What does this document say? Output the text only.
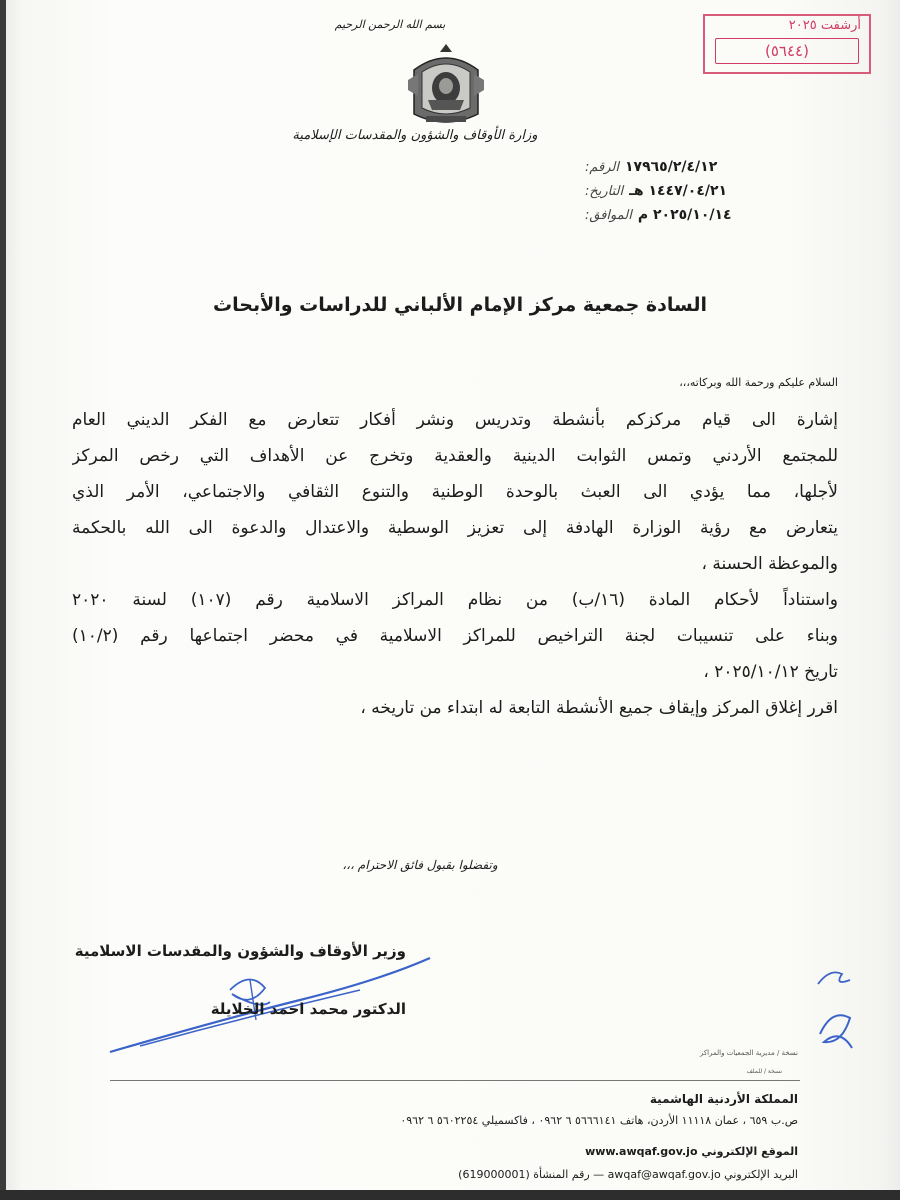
بسم الله الرحمن الرحيم
وزارة الأوقاف والشؤون والمقدسات الإسلامية
أرشفت ٢٠٢٥
(٥٦٤٤)
الرقم: ١٧٩٦٥/٢/٤/١٢
التاريخ: ١٤٤٧/٠٤/٢١ هـ
الموافق: ٢٠٢٥/١٠/١٤ م
السادة جمعية مركز الإمام الألباني للدراسات والأبحاث
السلام عليكم ورحمة الله وبركاته،،،
إشارة الى قيام مركزكم بأنشطة وتدريس ونشر أفكار تتعارض مع الفكر الديني العام
للمجتمع الأردني وتمس الثوابت الدينية والعقدية وتخرج عن الأهداف التي رخص المركز
لأجلها، مما يؤدي الى العبث بالوحدة الوطنية والتنوع الثقافي والاجتماعي، الأمر الذي
يتعارض مع رؤية الوزارة الهادفة إلى تعزيز الوسطية والاعتدال والدعوة الى الله بالحكمة
والموعظة الحسنة ،
واستناداً لأحكام المادة (١٦/ب) من نظام المراكز الاسلامية رقم (١٠٧) لسنة ٢٠٢٠
وبناء على تنسيبات لجنة التراخيص للمراكز الاسلامية في محضر اجتماعها رقم (١٠/٢)
تاريخ ٢٠٢٥/١٠/١٢ ،
اقرر إغلاق المركز وإيقاف جميع الأنشطة التابعة له ابتداء من تاريخه ،
وتفضلوا بقبول فائق الاحترام ،،،
وزير الأوقاف والشؤون والمقدسات الاسلامية
الدكتور محمد احمد الخلايلة
نسخة / مديرية الجمعيات والمراكز
نسخة / للملف
المملكة الأردنية الهاشمية
ص.ب ٦٥٩ ، عمان ١١١١٨ الأردن، هاتف ٥٦٦٦١٤١ ٦ ٠٩٦٢ ، فاكسميلي ٥٦٠٢٢٥٤ ٦ ٠٩٦٢
الموقع الإلكتروني www.awqaf.gov.jo
البريد الإلكتروني awqaf@awqaf.gov.jo — رقم المنشأة (619000001)
